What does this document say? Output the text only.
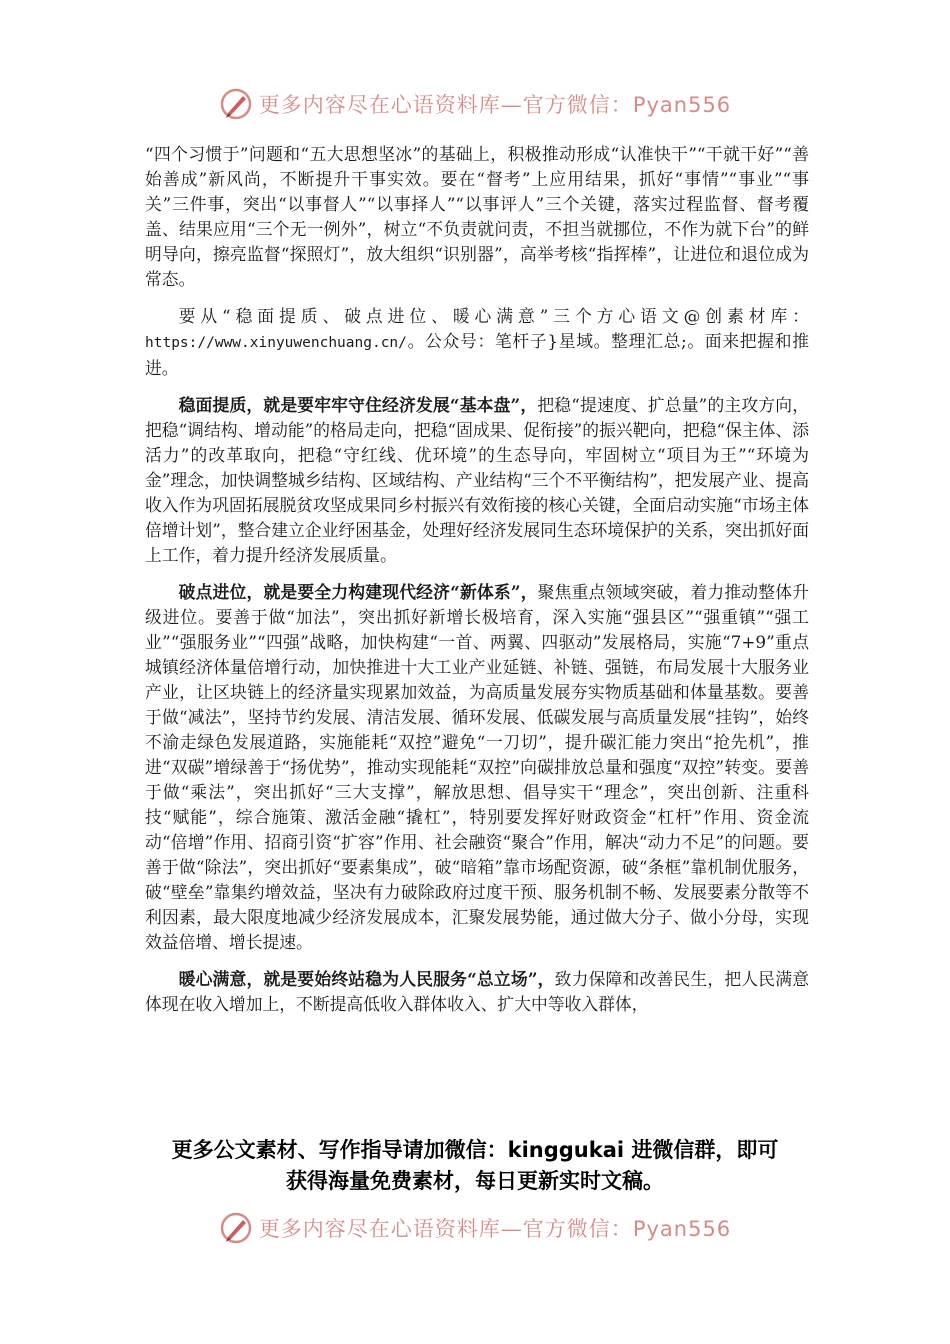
更多内容尽在心语资料库—官方微信：Pyan556

“四个习惯于”问题和“五大思想坚冰”的基础上，积极推动形成“认准快干”“干就干好”“善始善成”新风尚，不断提升干事实效。要在“督考”上应用结果，抓好“事情”“事业”“事关”三件事，突出“以事督人”“以事择人”“以事评人”三个关键，落实过程监督、督考覆盖、结果应用“三个无一例外”，树立“不负责就问责，不担当就挪位，不作为就下台”的鲜明导向，擦亮监督“探照灯”，放大组织“识别器”，高举考核“指挥棒”，让进位和退位成为常态。

要从“稳面提质、破点进位、暖心满意”三个方心语文@创素材库：https://www.xinyuwenchuang.cn/。公众号：笔杆子}星域。整理汇总;。面来把握和推进。

稳面提质，就是要牢牢守住经济发展“基本盘”，把稳“提速度、扩总量”的主攻方向，把稳“调结构、增动能”的格局走向，把稳“固成果、促衔接”的振兴靶向，把稳“保主体、添活力”的改革取向，把稳“守红线、优环境”的生态导向，牢固树立“项目为王”“环境为金”理念，加快调整城乡结构、区域结构、产业结构“三个不平衡结构”，把发展产业、提高收入作为巩固拓展脱贫攻坚成果同乡村振兴有效衔接的核心关键，全面启动实施“市场主体倍增计划”，整合建立企业纾困基金，处理好经济发展同生态环境保护的关系，突出抓好面上工作，着力提升经济发展质量。

破点进位，就是要全力构建现代经济“新体系”，聚焦重点领域突破，着力推动整体升级进位。要善于做“加法”，突出抓好新增长极培育，深入实施“强县区”“强重镇”“强工业”“强服务业”“四强”战略，加快构建“一首、两翼、四驱动”发展格局，实施“7+9”重点城镇经济体量倍增行动，加快推进十大工业产业延链、补链、强链，布局发展十大服务业产业，让区块链上的经济量实现累加效益，为高质量发展夯实物质基础和体量基数。要善于做“减法”，坚持节约发展、清洁发展、循环发展、低碳发展与高质量发展“挂钩”，始终不渝走绿色发展道路，实施能耗“双控”避免“一刀切”，提升碳汇能力突出“抢先机”，推进“双碳”增绿善于“扬优势”，推动实现能耗“双控”向碳排放总量和强度“双控”转变。要善于做“乘法”，突出抓好“三大支撑”，解放思想、倡导实干“理念”，突出创新、注重科技“赋能”，综合施策、激活金融“撬杠”，特别要发挥好财政资金“杠杆”作用、资金流动“倍增”作用、招商引资“扩容”作用、社会融资“聚合”作用，解决“动力不足”的问题。要善于做“除法”，突出抓好“要素集成”，破“暗箱”靠市场配资源，破“条框”靠机制优服务，破“壁垒”靠集约增效益，坚决有力破除政府过度干预、服务机制不畅、发展要素分散等不利因素，最大限度地减少经济发展成本，汇聚发展势能，通过做大分子、做小分母，实现效益倍增、增长提速。

暖心满意，就是要始终站稳为人民服务“总立场”，致力保障和改善民生，把人民满意体现在收入增加上，不断提高低收入群体收入、扩大中等收入群体，

更多公文素材、写作指导请加微信：kinggukai 进微信群，即可
获得海量免费素材，每日更新实时文稿。
更多内容尽在心语资料库—官方微信：Pyan556
